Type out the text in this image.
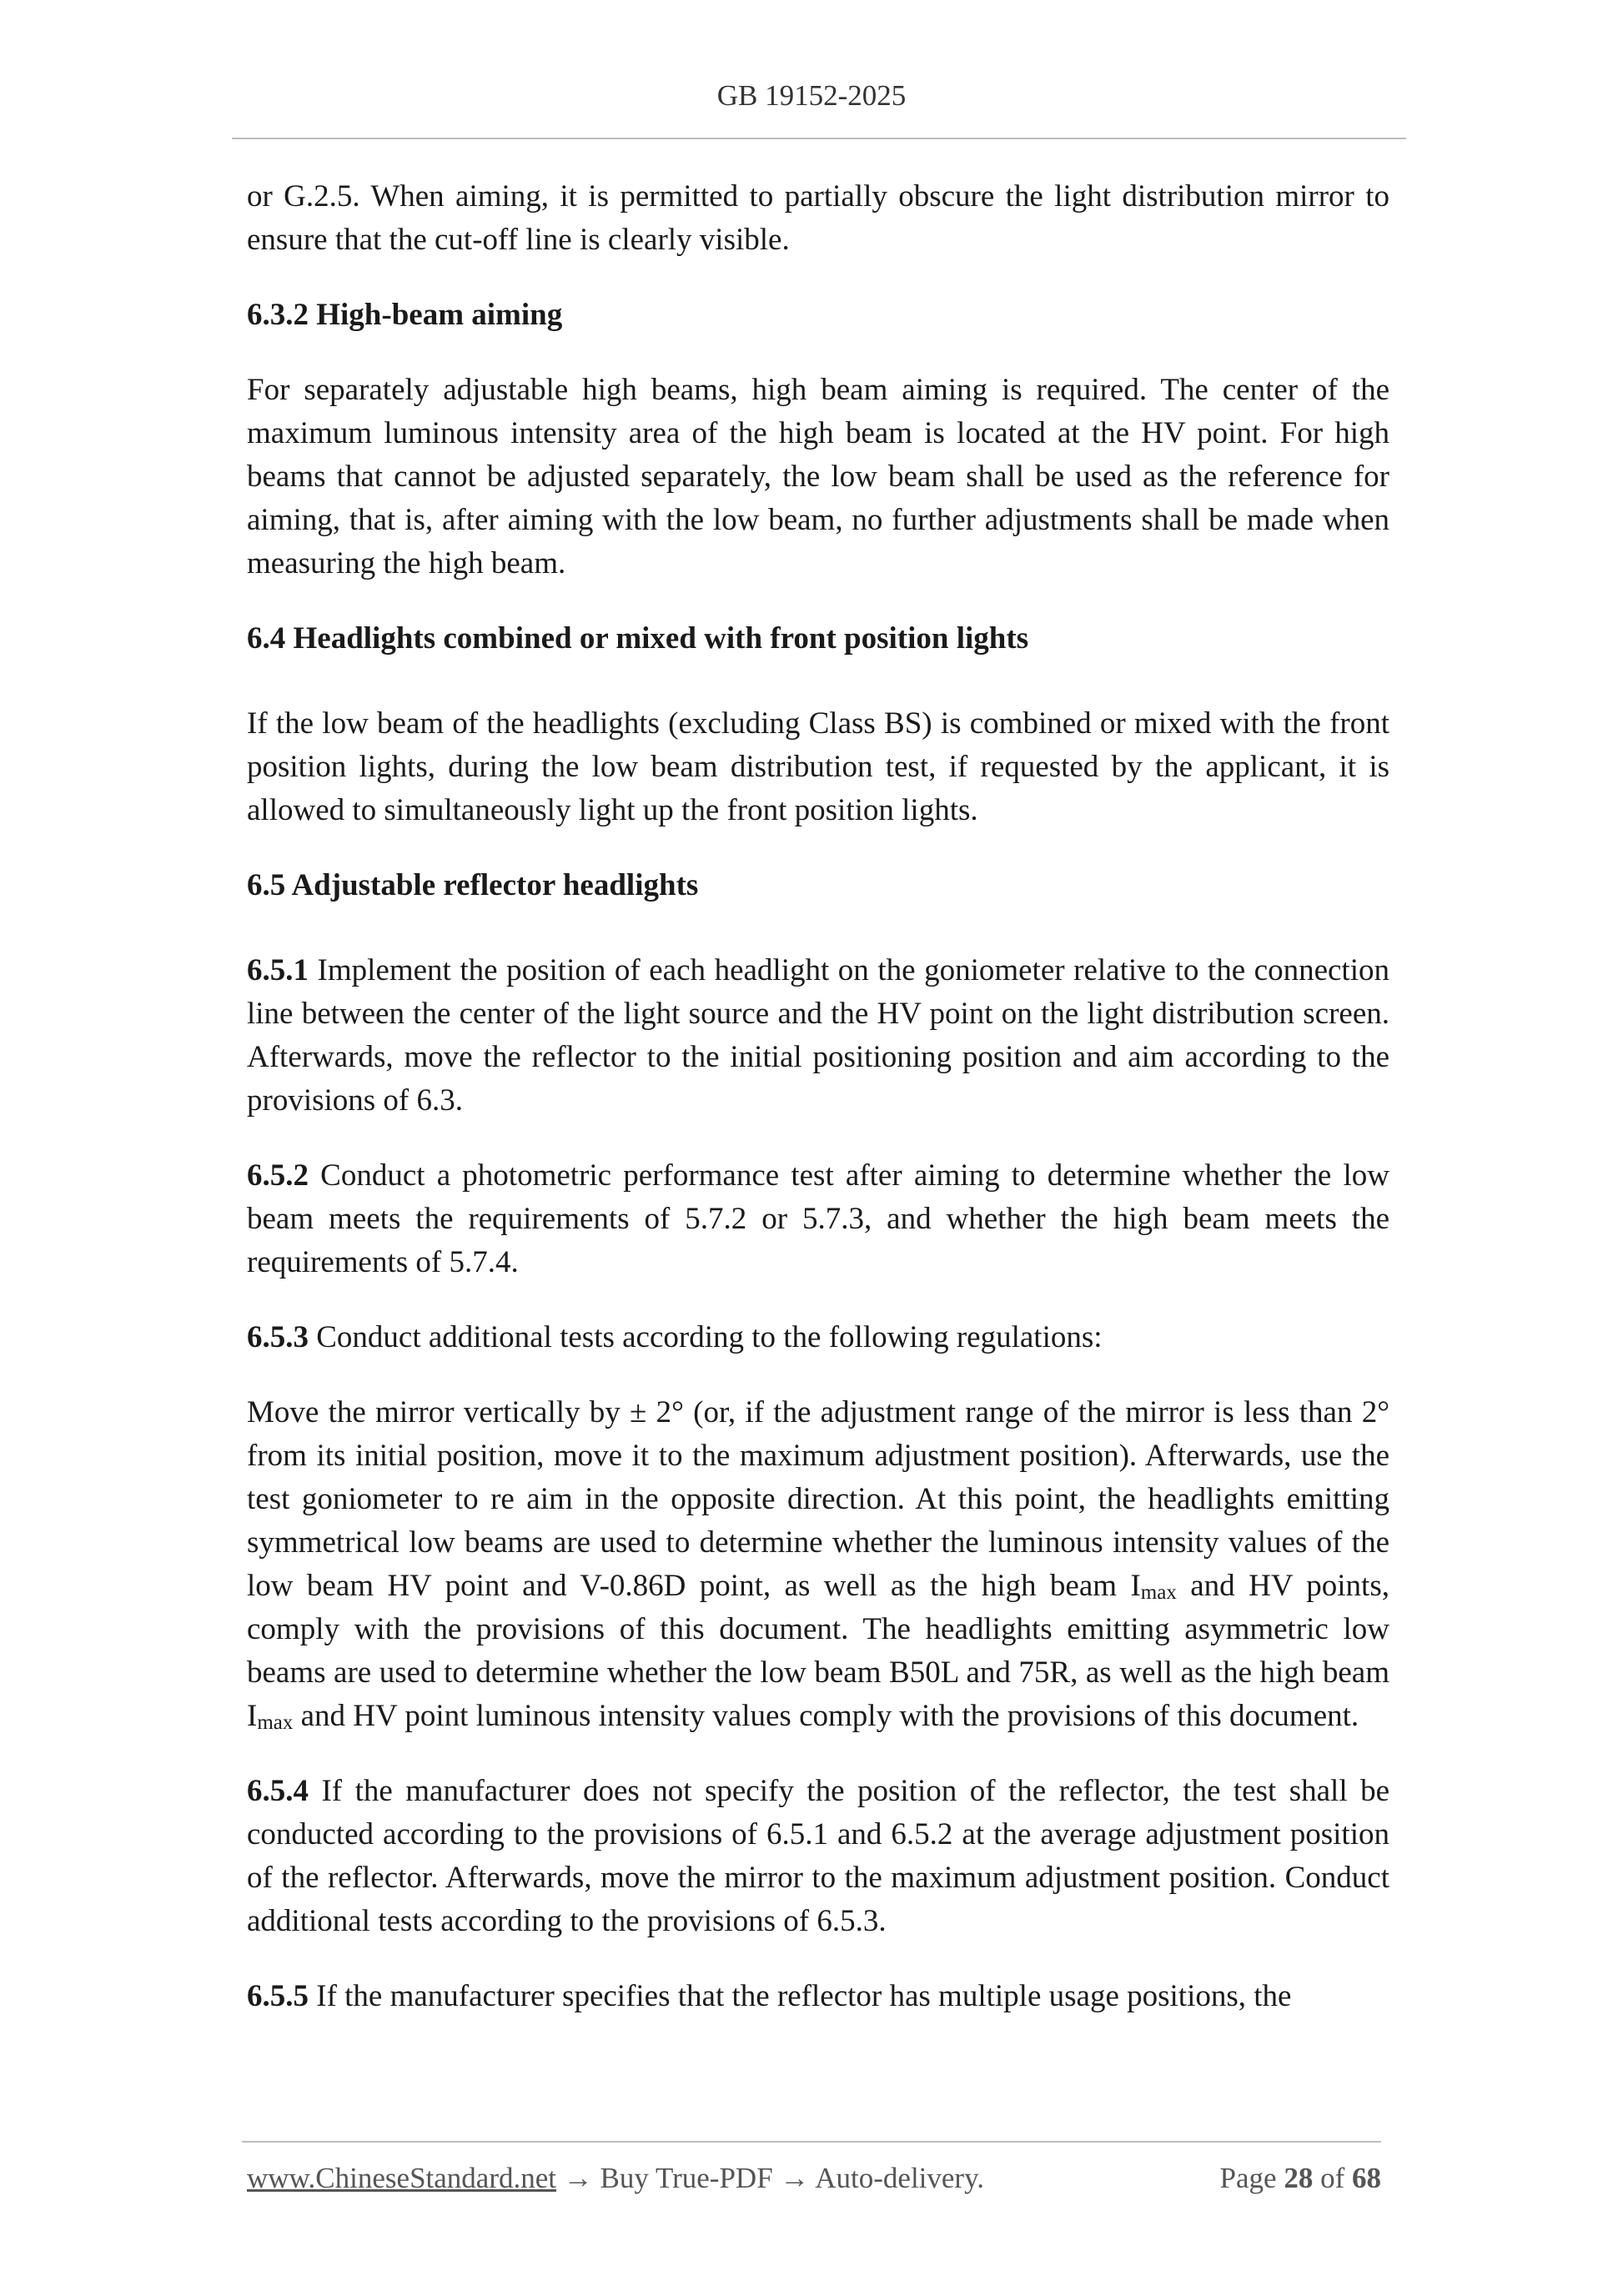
GB 19152-2025

or G.2.5. When aiming, it is permitted to partially obscure the light distribution mirror to ensure that the cut-off line is clearly visible.

6.3.2 High-beam aiming

For separately adjustable high beams, high beam aiming is required. The center of the maximum luminous intensity area of the high beam is located at the HV point. For high beams that cannot be adjusted separately, the low beam shall be used as the reference for aiming, that is, after aiming with the low beam, no further adjustments shall be made when measuring the high beam.

6.4 Headlights combined or mixed with front position lights

If the low beam of the headlights (excluding Class BS) is combined or mixed with the front position lights, during the low beam distribution test, if requested by the applicant, it is allowed to simultaneously light up the front position lights.

6.5 Adjustable reflector headlights

6.5.1 Implement the position of each headlight on the goniometer relative to the connection line between the center of the light source and the HV point on the light distribution screen. Afterwards, move the reflector to the initial positioning position and aim according to the provisions of 6.3.

6.5.2 Conduct a photometric performance test after aiming to determine whether the low beam meets the requirements of 5.7.2 or 5.7.3, and whether the high beam meets the requirements of 5.7.4.

6.5.3 Conduct additional tests according to the following regulations:

Move the mirror vertically by ± 2° (or, if the adjustment range of the mirror is less than 2° from its initial position, move it to the maximum adjustment position). Afterwards, use the test goniometer to re aim in the opposite direction. At this point, the headlights emitting symmetrical low beams are used to determine whether the luminous intensity values of the low beam HV point and V-0.86D point, as well as the high beam Imax and HV points, comply with the provisions of this document. The headlights emitting asymmetric low beams are used to determine whether the low beam B50L and 75R, as well as the high beam Imax and HV point luminous intensity values comply with the provisions of this document.

6.5.4 If the manufacturer does not specify the position of the reflector, the test shall be conducted according to the provisions of 6.5.1 and 6.5.2 at the average adjustment position of the reflector. Afterwards, move the mirror to the maximum adjustment position. Conduct additional tests according to the provisions of 6.5.3.

6.5.5 If the manufacturer specifies that the reflector has multiple usage positions, the

www.ChineseStandard.net → Buy True-PDF → Auto-delivery.	Page 28 of 68
